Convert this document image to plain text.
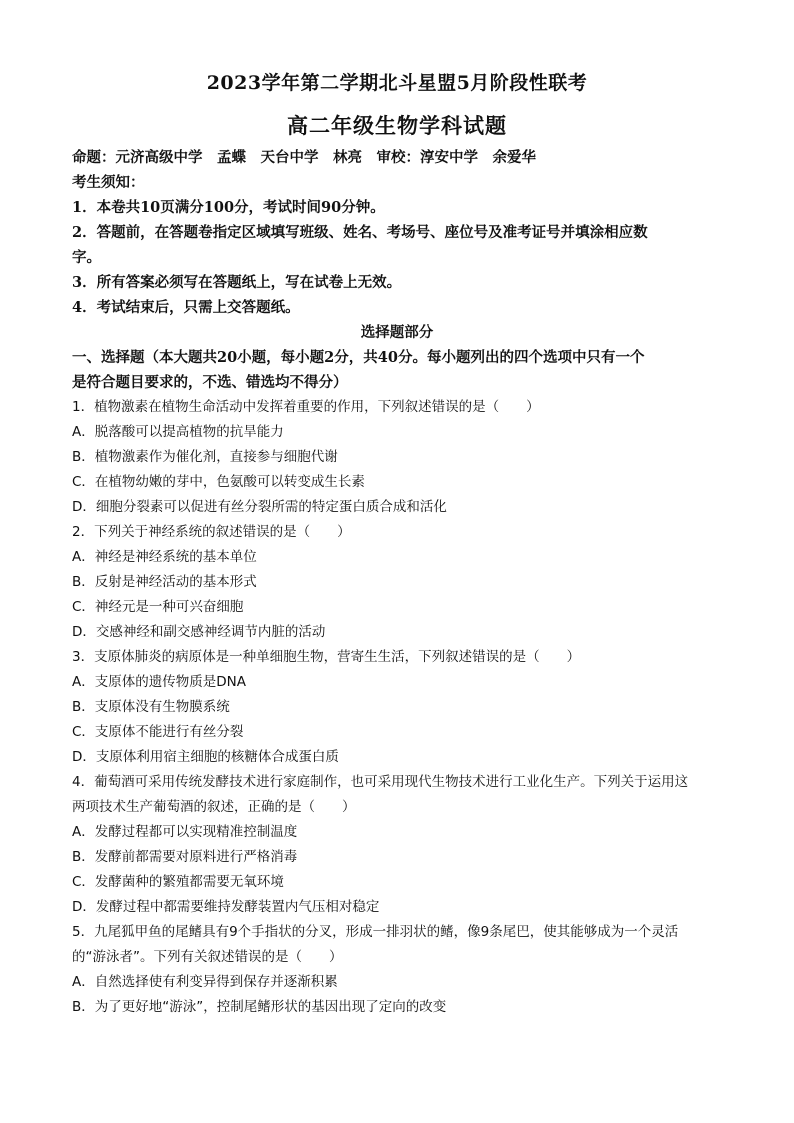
2023学年第二学期北斗星盟5月阶段性联考
高二年级生物学科试题
命题：元济高级中学　孟蝶　天台中学　林亮　审校：淳安中学　余爱华
考生须知：
1．本卷共10页满分100分，考试时间90分钟。
2．答题前，在答题卷指定区域填写班级、姓名、考场号、座位号及准考证号并填涂相应数
字。
3．所有答案必须写在答题纸上，写在试卷上无效。
4．考试结束后，只需上交答题纸。
选择题部分
一、选择题（本大题共20小题，每小题2分，共40分。每小题列出的四个选项中只有一个
是符合题目要求的，不选、错选均不得分）
1．植物激素在植物生命活动中发挥着重要的作用，下列叙述错误的是（　　）
A．脱落酸可以提高植物的抗旱能力
B．植物激素作为催化剂，直接参与细胞代谢
C．在植物幼嫩的芽中，色氨酸可以转变成生长素
D．细胞分裂素可以促进有丝分裂所需的特定蛋白质合成和活化
2．下列关于神经系统的叙述错误的是（　　）
A．神经是神经系统的基本单位
B．反射是神经活动的基本形式
C．神经元是一种可兴奋细胞
D．交感神经和副交感神经调节内脏的活动
3．支原体肺炎的病原体是一种单细胞生物，营寄生生活，下列叙述错误的是（　　）
A．支原体的遗传物质是DNA
B．支原体没有生物膜系统
C．支原体不能进行有丝分裂
D．支原体利用宿主细胞的核糖体合成蛋白质
4．葡萄酒可采用传统发酵技术进行家庭制作，也可采用现代生物技术进行工业化生产。下列关于运用这
两项技术生产葡萄酒的叙述，正确的是（　　）
A．发酵过程都可以实现精准控制温度
B．发酵前都需要对原料进行严格消毒
C．发酵菌种的繁殖都需要无氧环境
D．发酵过程中都需要维持发酵装置内气压相对稳定
5．九尾狐甲鱼的尾鳍具有9个手指状的分叉，形成一排羽状的鳍，像9条尾巴，使其能够成为一个灵活
的“游泳者”。下列有关叙述错误的是（　　）
A．自然选择使有利变异得到保存并逐渐积累
B．为了更好地“游泳”，控制尾鳍形状的基因出现了定向的改变
